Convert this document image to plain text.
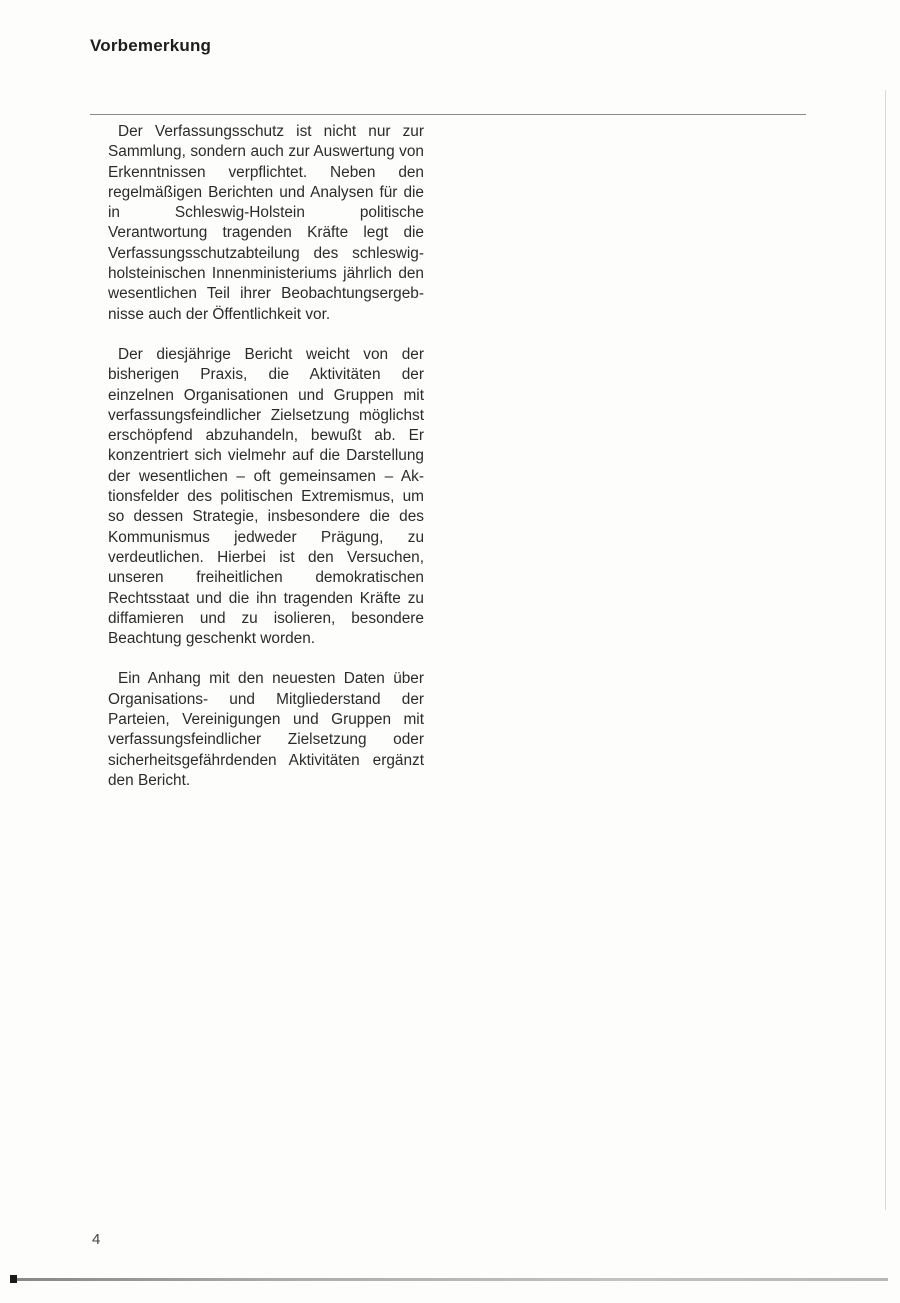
Vorbemerkung

Der Verfassungsschutz ist nicht nur zur Sammlung, sondern auch zur Auswertung von Erkenntnissen verpflichtet. Neben den regelmäßigen Berichten und Analysen für die in Schleswig-Holstein politische Verantwortung tragenden Kräfte legt die Verfassungsschutzabteilung des schleswig-holsteinischen Innenministeriums jährlich den wesentlichen Teil ihrer Beobachtungsergebnisse auch der Öffentlichkeit vor.

Der diesjährige Bericht weicht von der bisherigen Praxis, die Aktivitäten der einzelnen Organisationen und Gruppen mit verfassungsfeindlicher Zielsetzung möglichst erschöpfend abzuhandeln, bewußt ab. Er konzentriert sich vielmehr auf die Darstellung der wesentlichen – oft gemeinsamen – Aktionsfelder des politischen Extremismus, um so dessen Strategie, insbesondere die des Kommunismus jedweder Prägung, zu verdeutlichen. Hierbei ist den Versuchen, unseren freiheitlichen demokratischen Rechtsstaat und die ihn tragenden Kräfte zu diffamieren und zu isolieren, besondere Beachtung geschenkt worden.

Ein Anhang mit den neuesten Daten über Organisations- und Mitgliederstand der Parteien, Vereinigungen und Gruppen mit verfassungsfeindlicher Zielsetzung oder sicherheitsgefährdenden Aktivitäten ergänzt den Bericht.

4
